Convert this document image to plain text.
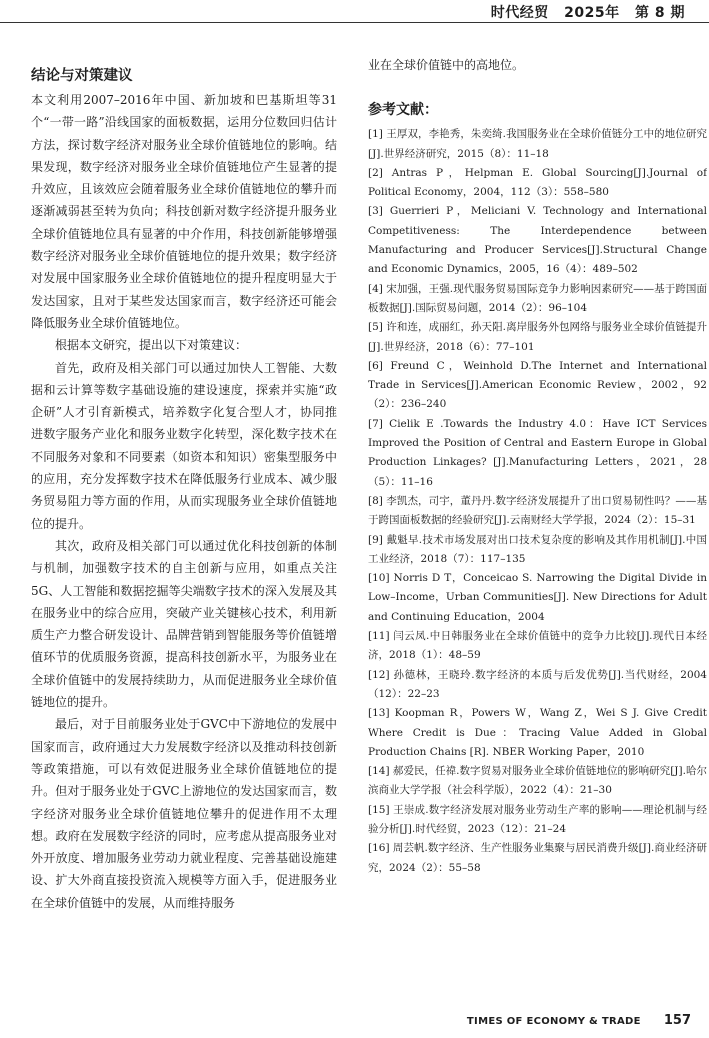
时代经贸 2025年 第 8 期
结论与对策建议

本文利用2007–2016年中国、新加坡和巴基斯坦等31个“一带一路”沿线国家的面板数据，运用分位数回归估计方法，探讨数字经济对服务业全球价值链地位的影响。结果发现，数字经济对服务业全球价值链地位产生显著的提升效应，且该效应会随着服务业全球价值链地位的攀升而逐渐减弱甚至转为负向；科技创新对数字经济提升服务业全球价值链地位具有显著的中介作用，科技创新能够增强数字经济对服务业全球价值链地位的提升效果；数字经济对发展中国家服务业全球价值链地位的提升程度明显大于发达国家，且对于某些发达国家而言，数字经济还可能会降低服务业全球价值链地位。

根据本文研究，提出以下对策建议：

首先，政府及相关部门可以通过加快人工智能、大数据和云计算等数字基础设施的建设速度，探索并实施“政企研”人才引育新模式，培养数字化复合型人才，协同推进数字服务产业化和服务业数字化转型，深化数字技术在不同服务对象和不同要素（如资本和知识）密集型服务中的应用，充分发挥数字技术在降低服务行业成本、减少服务贸易阻力等方面的作用，从而实现服务业全球价值链地位的提升。

其次，政府及相关部门可以通过优化科技创新的体制与机制，加强数字技术的自主创新与应用，如重点关注5G、人工智能和数据挖掘等尖端数字技术的深入发展及其在服务业中的综合应用，突破产业关键核心技术，利用新质生产力整合研发设计、品牌营销到智能服务等价值链增值环节的优质服务资源，提高科技创新水平，为服务业在全球价值链中的发展持续助力，从而促进服务业全球价值链地位的提升。

最后，对于目前服务业处于GVC中下游地位的发展中国家而言，政府通过大力发展数字经济以及推动科技创新等政策措施，可以有效促进服务业全球价值链地位的提升。但对于服务业处于GVC上游地位的发达国家而言，数字经济对服务业全球价值链地位攀升的促进作用不太理想。政府在发展数字经济的同时，应考虑从提高服务业对外开放度、增加服务业劳动力就业程度、完善基础设施建设、扩大外商直接投资流入规模等方面入手，促进服务业在全球价值链中的发展，从而维持服务

业在全球价值链中的高地位。

参考文献：

[1] 王厚双，李艳秀，朱奕绮.我国服务业在全球价值链分工中的地位研究[J].世界经济研究，2015（8）：11–18

[2] Antras P，Helpman E. Global Sourcing[J].Journal of Political Economy，2004，112（3）：558–580

[3] Guerrieri P，Meliciani V. Technology and International Competitiveness: The Interdependence between Manufacturing and Producer Services[J].Structural Change and Economic Dynamics，2005，16（4）：489–502

[4] 宋加强，王强.现代服务贸易国际竞争力影响因素研究——基于跨国面板数据[J].国际贸易问题，2014（2）：96–104

[5] 许和连，成丽红，孙天阳.离岸服务外包网络与服务业全球价值链提升[J].世界经济，2018（6）：77–101

[6] Freund C，Weinhold D.The Internet and International Trade in Services[J].American Economic Review，2002，92（2）：236–240

[7] Cielik E .Towards the Industry 4.0：Have ICT Services Improved the Position of Central and Eastern Europe in Global Production Linkages? [J].Manufacturing Letters，2021，28（5）：11–16

[8] 李凯杰，司宇，董丹丹.数字经济发展提升了出口贸易韧性吗？——基于跨国面板数据的经验研究[J].云南财经大学学报，2024（2）：15–31

[9] 戴魁早.技术市场发展对出口技术复杂度的影响及其作用机制[J].中国工业经济，2018（7）：117–135

[10] Norris D T，Conceicao S. Narrowing the Digital Divide in Low–Income，Urban Communities[J]. New Directions for Adult and Continuing Education，2004

[11] 闫云凤.中日韩服务业在全球价值链中的竞争力比较[J].现代日本经济，2018（1）：48–59

[12] 孙德林，王晓玲.数字经济的本质与后发优势[J].当代财经，2004（12）：22–23

[13] Koopman R，Powers W，Wang Z，Wei S J. Give Credit Where Credit is Due：Tracing Value Added in Global Production Chains [R]. NBER Working Paper，2010

[14] 郝爱民，任禕.数字贸易对服务业全球价值链地位的影响研究[J].哈尔滨商业大学学报（社会科学版），2022（4）：21–30

[15] 王崇成.数字经济发展对服务业劳动生产率的影响——理论机制与经验分析[J].时代经贸，2023（12）：21–24

[16] 周芸帆.数字经济、生产性服务业集聚与居民消费升级[J].商业经济研究，2024（2）：55–58

TIMES OF ECONOMY & TRADE 157
